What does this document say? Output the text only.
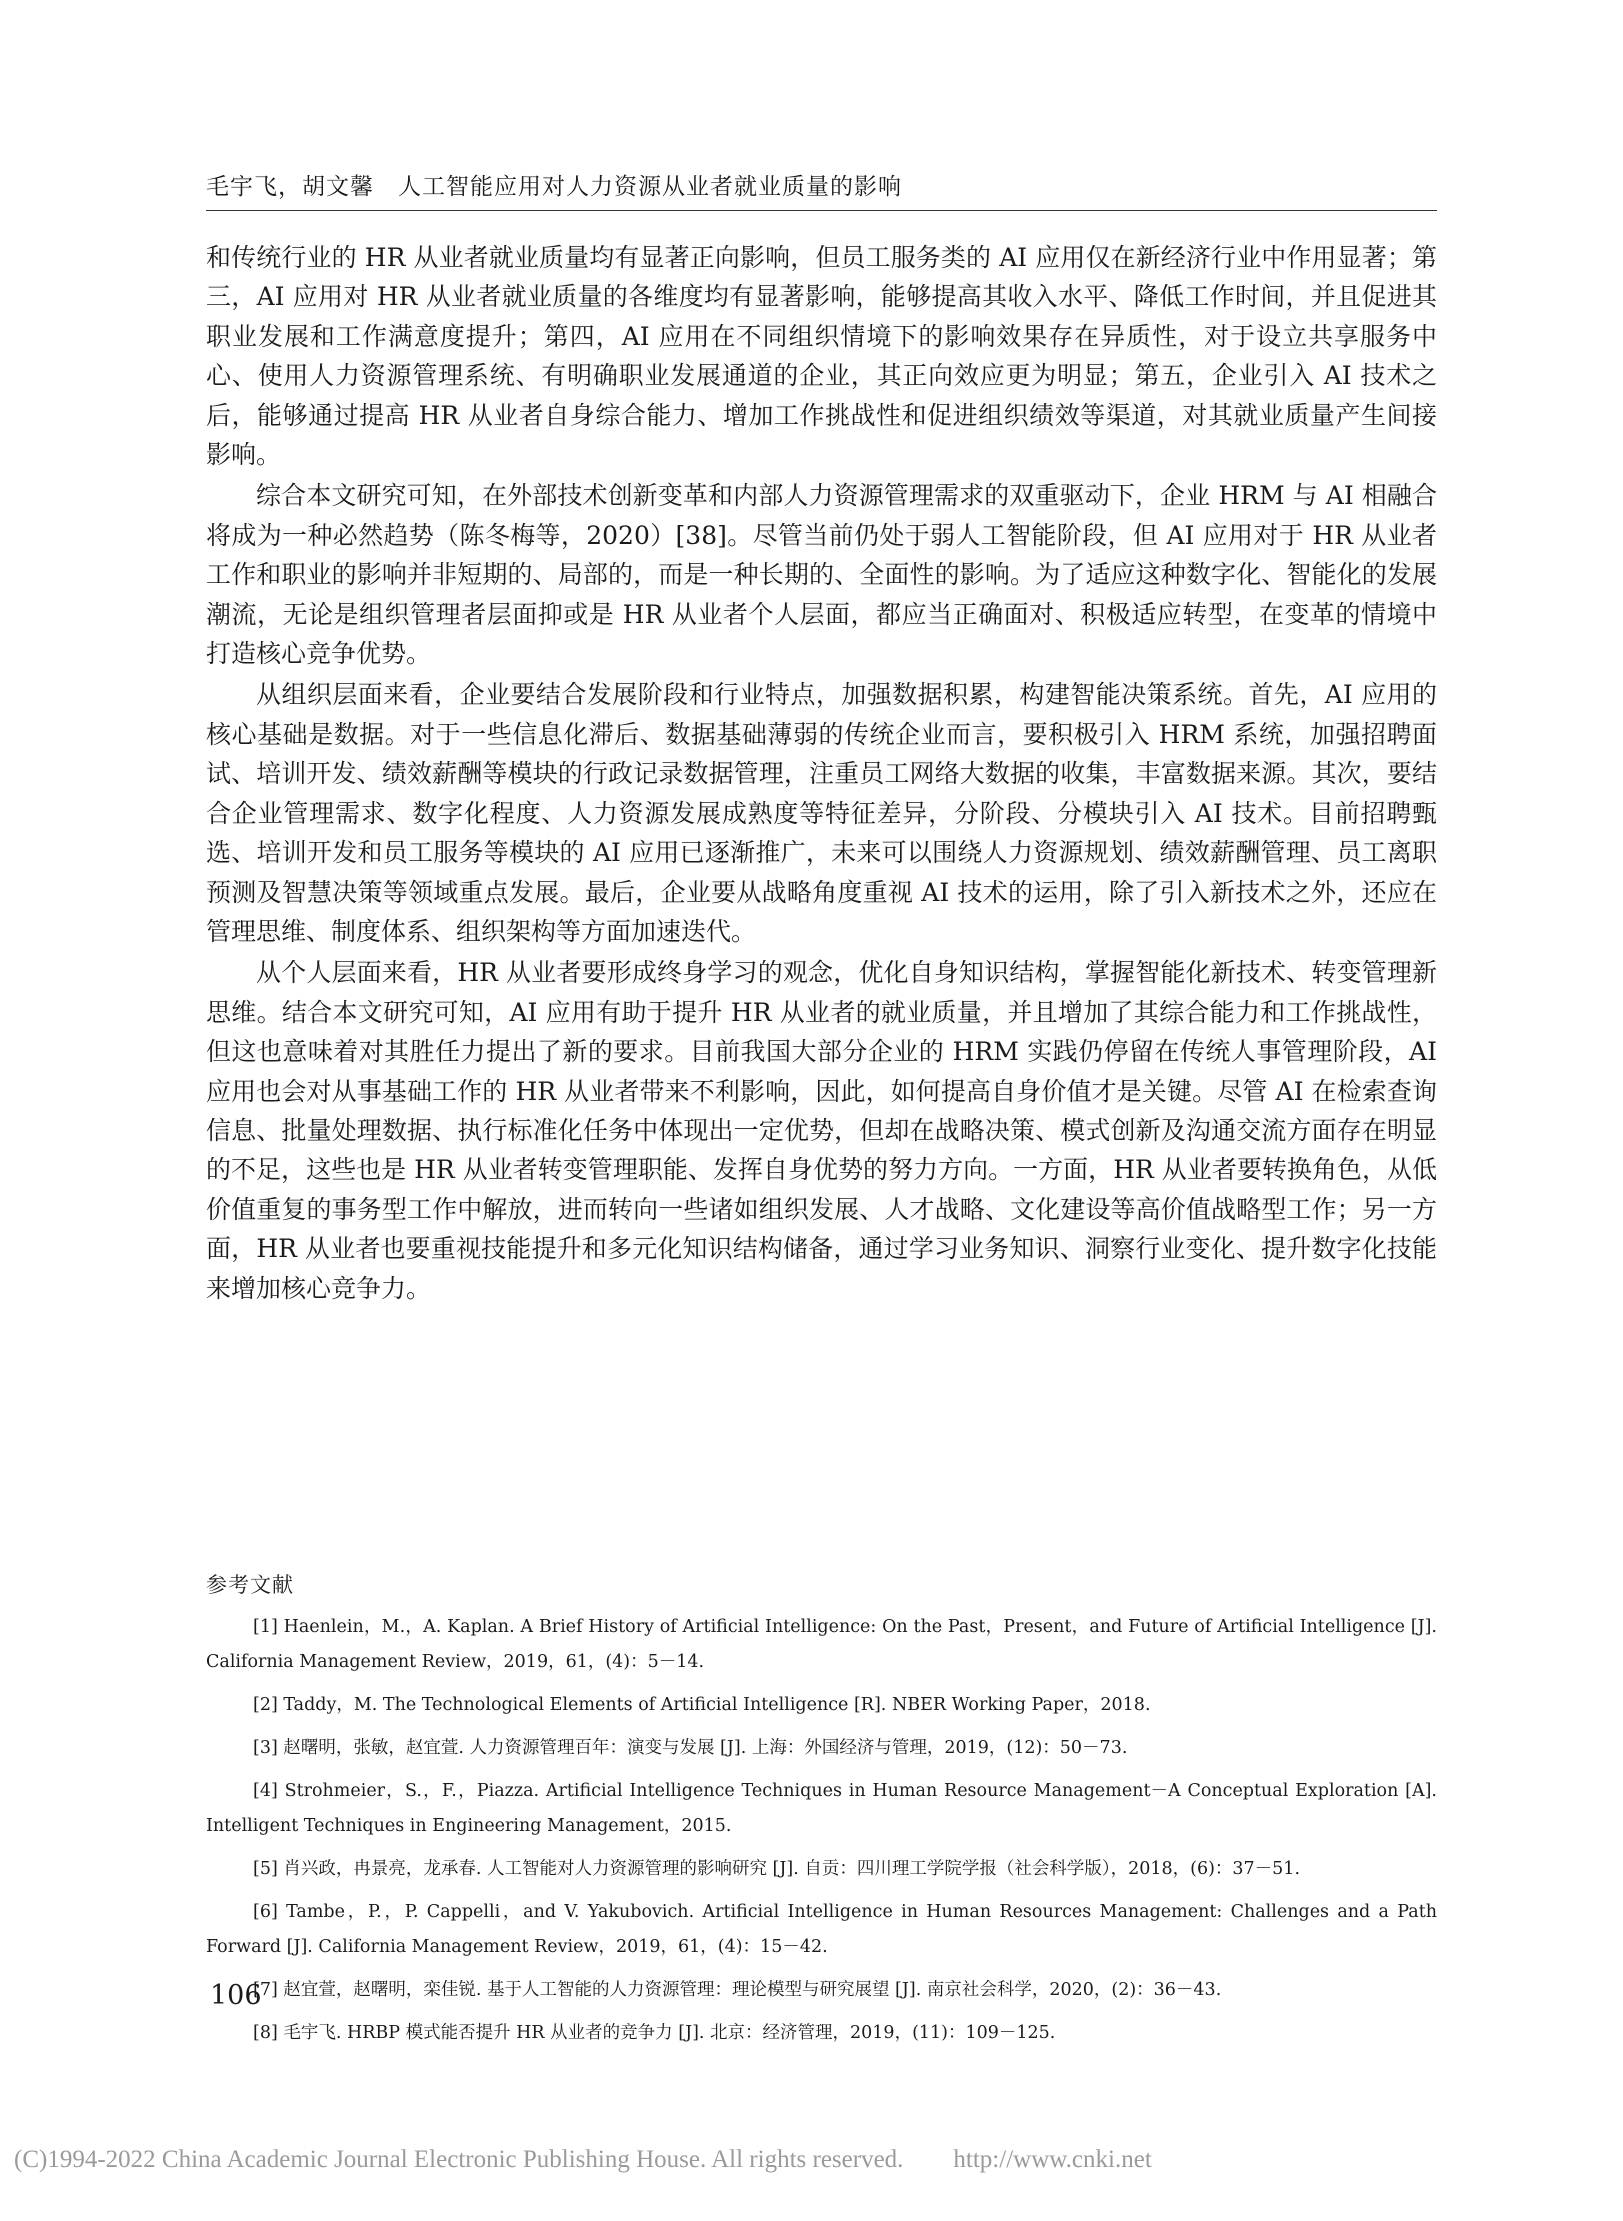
毛宇飞，胡文馨　人工智能应用对人力资源从业者就业质量的影响

和传统行业的 HR 从业者就业质量均有显著正向影响，但员工服务类的 AI 应用仅在新经济行业中作用显著；第三，AI 应用对 HR 从业者就业质量的各维度均有显著影响，能够提高其收入水平、降低工作时间，并且促进其职业发展和工作满意度提升；第四，AI 应用在不同组织情境下的影响效果存在异质性，对于设立共享服务中心、使用人力资源管理系统、有明确职业发展通道的企业，其正向效应更为明显；第五，企业引入 AI 技术之后，能够通过提高 HR 从业者自身综合能力、增加工作挑战性和促进组织绩效等渠道，对其就业质量产生间接影响。

综合本文研究可知，在外部技术创新变革和内部人力资源管理需求的双重驱动下，企业 HRM 与 AI 相融合将成为一种必然趋势（陈冬梅等，2020）[38]。尽管当前仍处于弱人工智能阶段，但 AI 应用对于 HR 从业者工作和职业的影响并非短期的、局部的，而是一种长期的、全面性的影响。为了适应这种数字化、智能化的发展潮流，无论是组织管理者层面抑或是 HR 从业者个人层面，都应当正确面对、积极适应转型，在变革的情境中打造核心竞争优势。

从组织层面来看，企业要结合发展阶段和行业特点，加强数据积累，构建智能决策系统。首先，AI 应用的核心基础是数据。对于一些信息化滞后、数据基础薄弱的传统企业而言，要积极引入 HRM 系统，加强招聘面试、培训开发、绩效薪酬等模块的行政记录数据管理，注重员工网络大数据的收集，丰富数据来源。其次，要结合企业管理需求、数字化程度、人力资源发展成熟度等特征差异，分阶段、分模块引入 AI 技术。目前招聘甄选、培训开发和员工服务等模块的 AI 应用已逐渐推广，未来可以围绕人力资源规划、绩效薪酬管理、员工离职预测及智慧决策等领域重点发展。最后，企业要从战略角度重视 AI 技术的运用，除了引入新技术之外，还应在管理思维、制度体系、组织架构等方面加速迭代。

从个人层面来看，HR 从业者要形成终身学习的观念，优化自身知识结构，掌握智能化新技术、转变管理新思维。结合本文研究可知，AI 应用有助于提升 HR 从业者的就业质量，并且增加了其综合能力和工作挑战性，但这也意味着对其胜任力提出了新的要求。目前我国大部分企业的 HRM 实践仍停留在传统人事管理阶段，AI 应用也会对从事基础工作的 HR 从业者带来不利影响，因此，如何提高自身价值才是关键。尽管 AI 在检索查询信息、批量处理数据、执行标准化任务中体现出一定优势，但却在战略决策、模式创新及沟通交流方面存在明显的不足，这些也是 HR 从业者转变管理职能、发挥自身优势的努力方向。一方面，HR 从业者要转换角色，从低价值重复的事务型工作中解放，进而转向一些诸如组织发展、人才战略、文化建设等高价值战略型工作；另一方面，HR 从业者也要重视技能提升和多元化知识结构储备，通过学习业务知识、洞察行业变化、提升数字化技能来增加核心竞争力。

参考文献

[1] Haenlein，M.，A. Kaplan. A Brief History of Artificial Intelligence: On the Past，Present，and Future of Artificial Intelligence [J]. California Management Review，2019，61，(4)：5－14.

[2] Taddy，M. The Technological Elements of Artificial Intelligence [R]. NBER Working Paper，2018.

[3] 赵曙明，张敏，赵宜萱. 人力资源管理百年：演变与发展 [J]. 上海：外国经济与管理，2019，(12)：50－73.

[4] Strohmeier，S.，F.，Piazza. Artificial Intelligence Techniques in Human Resource Management－A Conceptual Exploration [A]. Intelligent Techniques in Engineering Management，2015.

[5] 肖兴政，冉景亮，龙承春. 人工智能对人力资源管理的影响研究 [J]. 自贡：四川理工学院学报（社会科学版），2018，(6)：37－51.

[6] Tambe，P.，P. Cappelli，and V. Yakubovich. Artificial Intelligence in Human Resources Management: Challenges and a Path Forward [J]. California Management Review，2019，61，(4)：15－42.

[7] 赵宜萱，赵曙明，栾佳锐. 基于人工智能的人力资源管理：理论模型与研究展望 [J]. 南京社会科学，2020，(2)：36－43.

[8] 毛宇飞. HRBP 模式能否提升 HR 从业者的竞争力 [J]. 北京：经济管理，2019，(11)：109－125.

106
(C)1994-2022 China Academic Journal Electronic Publishing House. All rights reserved.　　http://www.cnki.net
